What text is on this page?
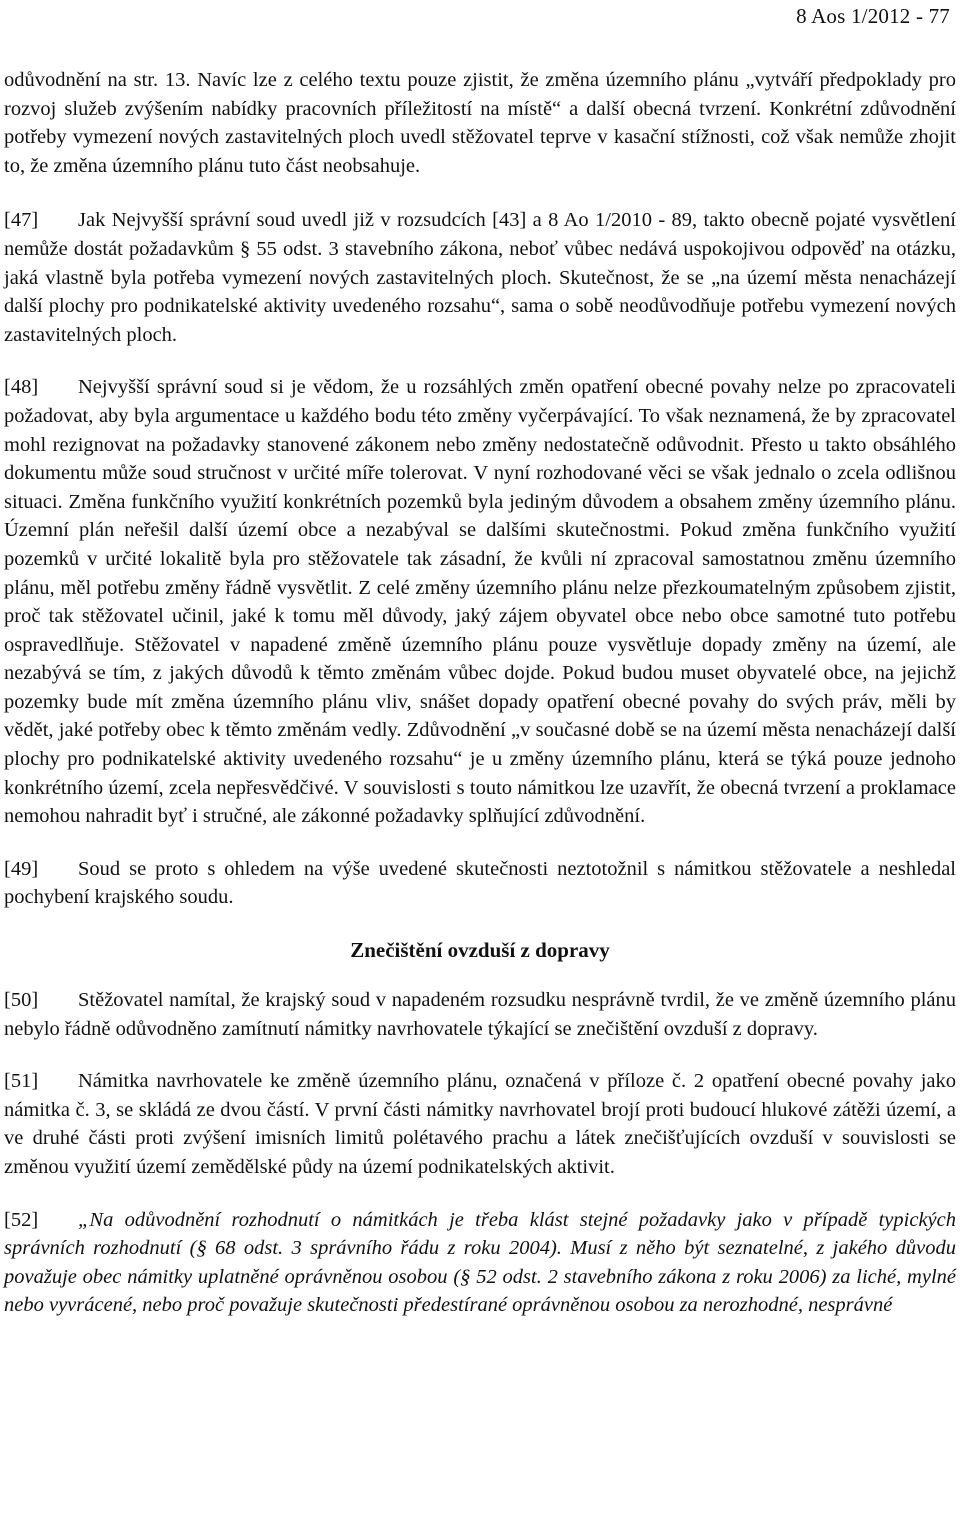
8 Aos 1/2012 - 77

odůvodnění na str. 13. Navíc lze z celého textu pouze zjistit, že změna územního plánu „vytváří předpoklady pro rozvoj služeb zvýšením nabídky pracovních příležitostí na místě“ a další obecná tvrzení. Konkrétní zdůvodnění potřeby vymezení nových zastavitelných ploch uvedl stěžovatel teprve v kasační stížnosti, což však nemůže zhojit to, že změna územního plánu tuto část neobsahuje.

[47] Jak Nejvyšší správní soud uvedl již v rozsudcích [43] a 8 Ao 1/2010 - 89, takto obecně pojaté vysvětlení nemůže dostát požadavkům § 55 odst. 3 stavebního zákona, neboť vůbec nedává uspokojivou odpověď na otázku, jaká vlastně byla potřeba vymezení nových zastavitelných ploch. Skutečnost, že se „na území města nenacházejí další plochy pro podnikatelské aktivity uvedeného rozsahu“, sama o sobě neodůvodňuje potřebu vymezení nových zastavitelných ploch.

[48] Nejvyšší správní soud si je vědom, že u rozsáhlých změn opatření obecné povahy nelze po zpracovateli požadovat, aby byla argumentace u každého bodu této změny vyčerpávající. To však neznamená, že by zpracovatel mohl rezignovat na požadavky stanovené zákonem nebo změny nedostatečně odůvodnit. Přesto u takto obsáhlého dokumentu může soud stručnost v určité míře tolerovat. V nyní rozhodované věci se však jednalo o zcela odlišnou situaci. Změna funkčního využití konkrétních pozemků byla jediným důvodem a obsahem změny územního plánu. Územní plán neřešil další území obce a nezabýval se dalšími skutečnostmi. Pokud změna funkčního využití pozemků v určité lokalitě byla pro stěžovatele tak zásadní, že kvůli ní zpracoval samostatnou změnu územního plánu, měl potřebu změny řádně vysvětlit. Z celé změny územního plánu nelze přezkoumatelným způsobem zjistit, proč tak stěžovatel učinil, jaké k tomu měl důvody, jaký zájem obyvatel obce nebo obce samotné tuto potřebu ospravedlňuje. Stěžovatel v napadené změně územního plánu pouze vysvětluje dopady změny na území, ale nezabývá se tím, z jakých důvodů k těmto změnám vůbec dojde. Pokud budou muset obyvatelé obce, na jejichž pozemky bude mít změna územního plánu vliv, snášet dopady opatření obecné povahy do svých práv, měli by vědět, jaké potřeby obec k těmto změnám vedly. Zdůvodnění „v současné době se na území města nenacházejí další plochy pro podnikatelské aktivity uvedeného rozsahu“ je u změny územního plánu, která se týká pouze jednoho konkrétního území, zcela nepřesvědčivé. V souvislosti s touto námitkou lze uzavřít, že obecná tvrzení a proklamace nemohou nahradit byť i stručné, ale zákonné požadavky splňující zdůvodnění.

[49] Soud se proto s ohledem na výše uvedené skutečnosti neztotožnil s námitkou stěžovatele a neshledal pochybení krajského soudu.

Znečištění ovzduší z dopravy

[50] Stěžovatel namítal, že krajský soud v napadeném rozsudku nesprávně tvrdil, že ve změně územního plánu nebylo řádně odůvodněno zamítnutí námitky navrhovatele týkající se znečištění ovzduší z dopravy.

[51] Námitka navrhovatele ke změně územního plánu, označená v příloze č. 2 opatření obecné povahy jako námitka č. 3, se skládá ze dvou částí. V první části námitky navrhovatel brojí proti budoucí hlukové zátěži území, a ve druhé části proti zvýšení imisních limitů polétavého prachu a látek znečišťujících ovzduší v souvislosti se změnou využití území zemědělské půdy na území podnikatelských aktivit.

[52] „Na odůvodnění rozhodnutí o námitkách je třeba klást stejné požadavky jako v případě typických správních rozhodnutí (§ 68 odst. 3 správního řádu z roku 2004). Musí z něho být seznatelné, z jakého důvodu považuje obec námitky uplatněné oprávněnou osobou (§ 52 odst. 2 stavebního zákona z roku 2006) za liché, mylné nebo vyvrácené, nebo proč považuje skutečnosti předestírané oprávněnou osobou za nerozhodné, nesprávné
